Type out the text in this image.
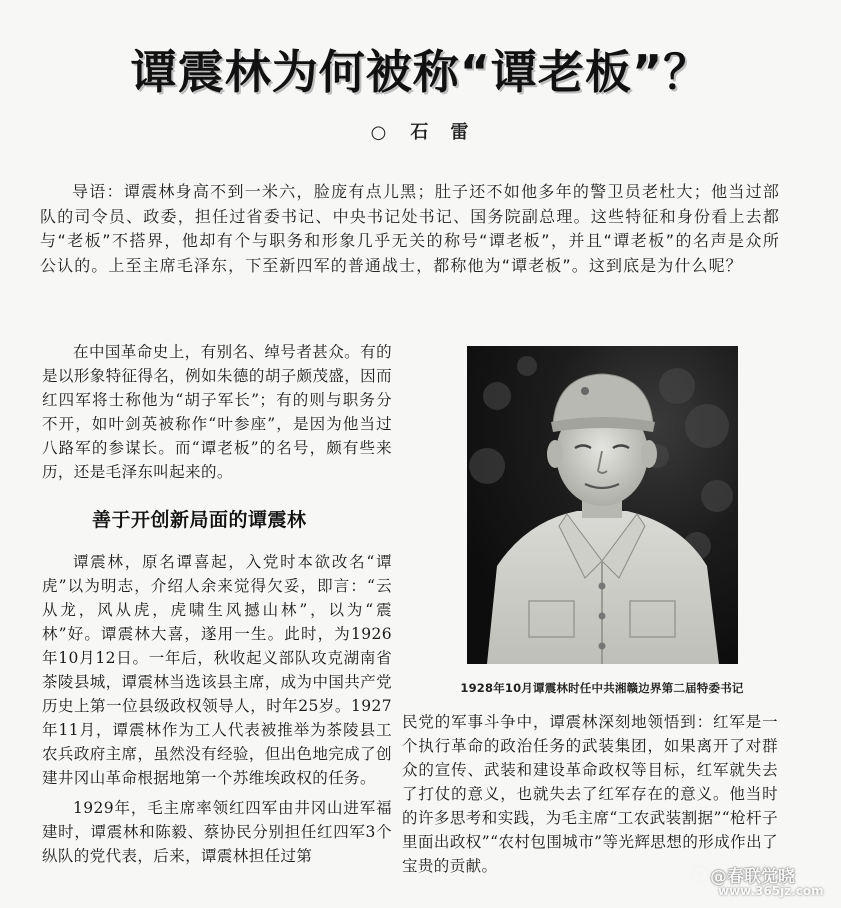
谭震林为何被称“谭老板”？
○ 石　雷
导语：谭震林身高不到一米六，脸庞有点儿黑；肚子还不如他多年的警卫员老杜大；他当过部队的司令员、政委，担任过省委书记、中央书记处书记、国务院副总理。这些特征和身份看上去都与“老板”不搭界，他却有个与职务和形象几乎无关的称号“谭老板”，并且“谭老板”的名声是众所公认的。上至主席毛泽东，下至新四军的普通战士，都称他为“谭老板”。这到底是为什么呢？

在中国革命史上，有别名、绰号者甚众。有的是以形象特征得名，例如朱德的胡子颇茂盛，因而红四军将士称他为“胡子军长”；有的则与职务分不开，如叶剑英被称作“叶参座”，是因为他当过八路军的参谋长。而“谭老板”的名号，颇有些来历，还是毛泽东叫起来的。

善于开创新局面的谭震林

谭震林，原名谭喜起，入党时本欲改名“谭虎”以为明志，介绍人余来觉得欠妥，即言：“云从龙，风从虎，虎啸生风撼山林”，以为“震林”好。谭震林大喜，遂用一生。此时，为1926年10月12日。一年后，秋收起义部队攻克湖南省茶陵县城，谭震林当选该县主席，成为中国共产党历史上第一位县级政权领导人，时年25岁。1927年11月，谭震林作为工人代表被推举为茶陵县工农兵政府主席，虽然没有经验，但出色地完成了创建井冈山革命根据地第一个苏维埃政权的任务。

1929年，毛主席率领红四军由井冈山进军福建时，谭震林和陈毅、蔡协民分别担任红四军3个纵队的党代表，后来，谭震林担任过第

1928年10月谭震林时任中共湘赣边界第二届特委书记

民党的军事斗争中，谭震林深刻地领悟到：红军是一个执行革命的政治任务的武装集团，如果离开了对群众的宣传、武装和建设革命政权等目标，红军就失去了打仗的意义，也就失去了红军存在的意义。他当时的许多思考和实践，为毛主席“工农武装割据”“枪杆子里面出政权”“农村包围城市”等光辉思想的形成作出了宝贵的贡献。

@春联觉晓
www.365jz.com
